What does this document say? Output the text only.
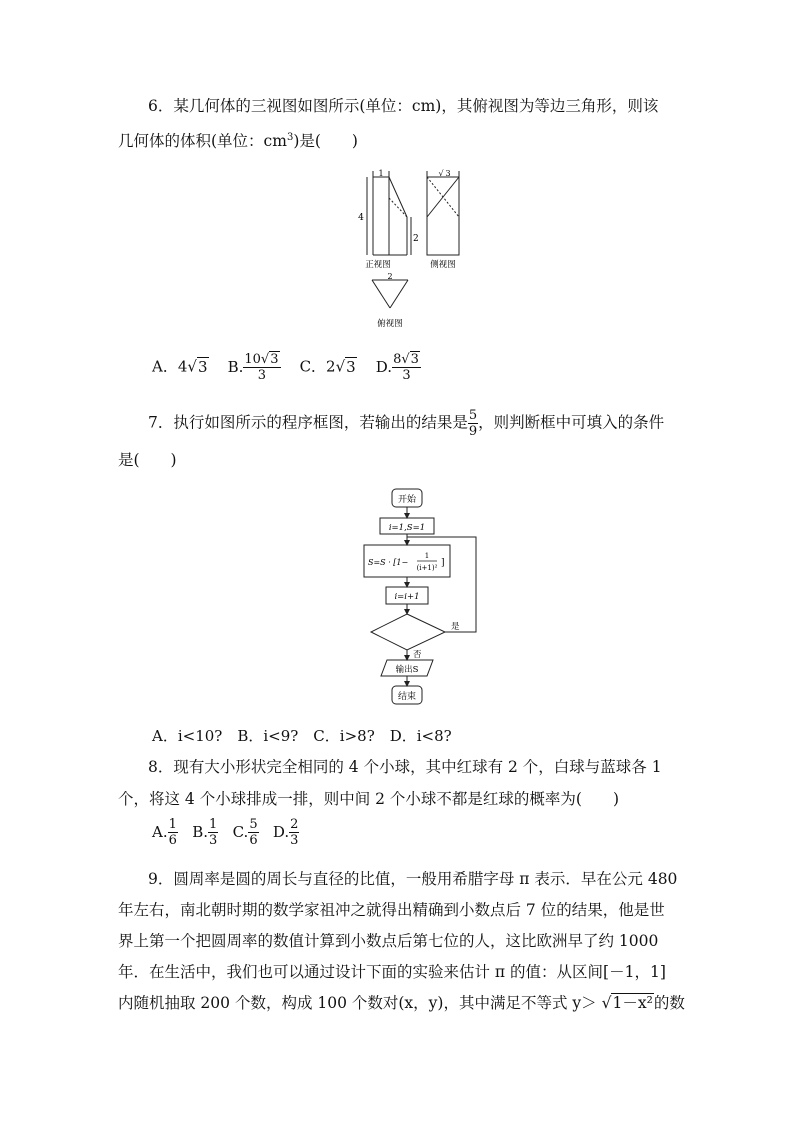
6．某几何体的三视图如图所示(单位：cm)，其俯视图为等边三角形，则该
几何体的体积(单位：$cm^3$)是(　　)
1
4
2
正视图
√ 3
侧视图
2
俯视图
A．4√3 B. $\frac{10√3}{3}$ C．2√3 D. $\frac{8√3}{3}$
7．执行如图所示的程序框图，若输出的结果是 $\frac{5}{9}$ ，则判断框中可填入的条件
是(　　)
开始
i=1,S=1
S=S · [1−
1
(i+1)² ]
i=i+1
是
否
输出S
结束
A．i<10?　B．i<9?　C．i>8?　D．i<8?
8．现有大小形状完全相同的 4 个小球，其中红球有 2 个，白球与蓝球各 1
个，将这 4 个小球排成一排，则中间 2 个小球不都是红球的概率为(　　)
A. $\frac{1}{6} B$. $\frac{1}{3} C$. $\frac{5}{6} D$. $\frac{2}{3}$
9．圆周率是圆的周长与直径的比值，一般用希腊字母 π 表示．早在公元 480
年左右，南北朝时期的数学家祖冲之就得出精确到小数点后 7 位的结果，他是世
界上第一个把圆周率的数值计算到小数点后第七位的人，这比欧洲早了约 1000
年．在生活中，我们也可以通过设计下面的实验来估计 π 的值：从区间[－1，1]
内随机抽取 200 个数，构成 100 个数对(x，y)，其中满足不等式 y＞ √1－x²的数
